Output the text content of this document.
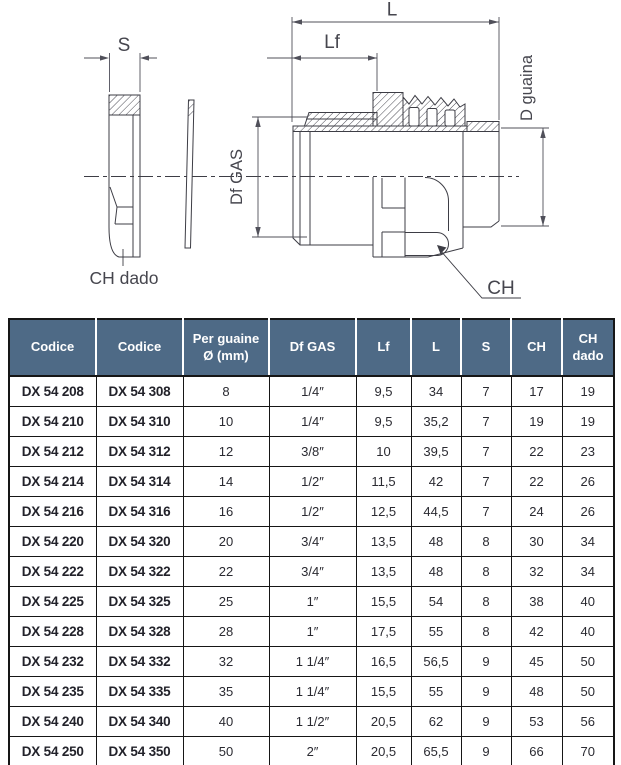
S
CH dado
L
Lf
Df GAS
D guaina
CH
Codice	Codice	Per guaine Ø (mm)	Df GAS	Lf	L	S	CH	CH dado
DX 54 208	DX 54 308	8	1/4″	9,5	34	7	17	19
DX 54 210	DX 54 310	10	1/4″	9,5	35,2	7	19	19
DX 54 212	DX 54 312	12	3/8″	10	39,5	7	22	23
DX 54 214	DX 54 314	14	1/2″	11,5	42	7	22	26
DX 54 216	DX 54 316	16	1/2″	12,5	44,5	7	24	26
DX 54 220	DX 54 320	20	3/4″	13,5	48	8	30	34
DX 54 222	DX 54 322	22	3/4″	13,5	48	8	32	34
DX 54 225	DX 54 325	25	1″	15,5	54	8	38	40
DX 54 228	DX 54 328	28	1″	17,5	55	8	42	40
DX 54 232	DX 54 332	32	1 1/4″	16,5	56,5	9	45	50
DX 54 235	DX 54 335	35	1 1/4″	15,5	55	9	48	50
DX 54 240	DX 54 340	40	1 1/2″	20,5	62	9	53	56
DX 54 250	DX 54 350	50	2″	20,5	65,5	9	66	70
